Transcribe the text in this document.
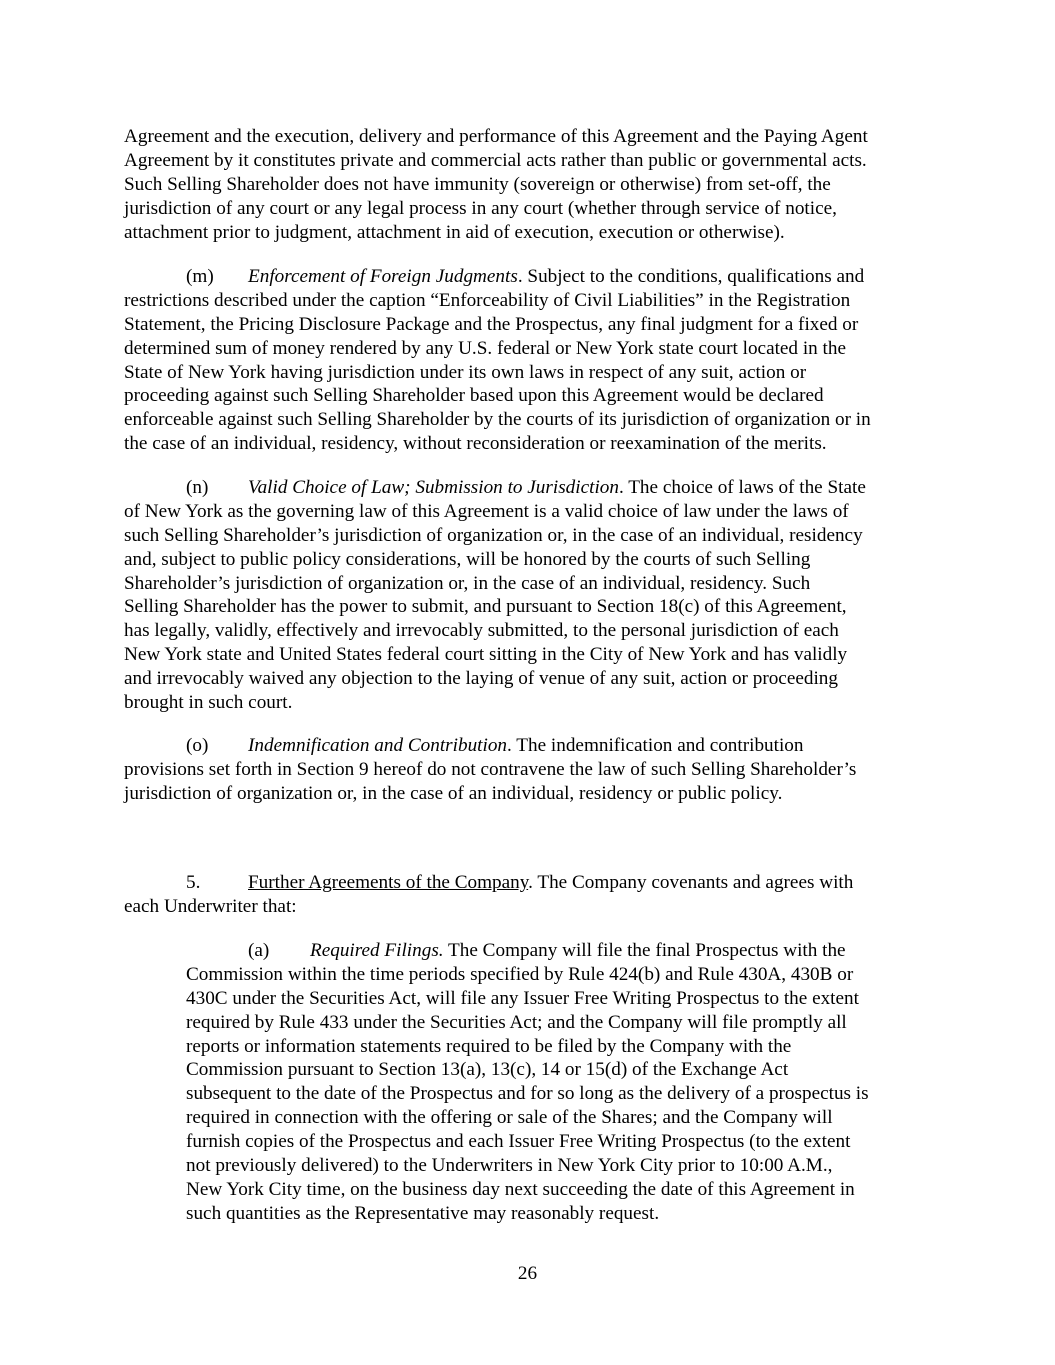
Agreement and the execution, delivery and performance of this Agreement and the Paying Agent
Agreement by it constitutes private and commercial acts rather than public or governmental acts.
Such Selling Shareholder does not have immunity (sovereign or otherwise) from set-off, the
jurisdiction of any court or any legal process in any court (whether through service of notice,
attachment prior to judgment, attachment in aid of execution, execution or otherwise).
(m) Enforcement of Foreign Judgments. Subject to the conditions, qualifications and
restrictions described under the caption “Enforceability of Civil Liabilities” in the Registration
Statement, the Pricing Disclosure Package and the Prospectus, any final judgment for a fixed or
determined sum of money rendered by any U.S. federal or New York state court located in the
State of New York having jurisdiction under its own laws in respect of any suit, action or
proceeding against such Selling Shareholder based upon this Agreement would be declared
enforceable against such Selling Shareholder by the courts of its jurisdiction of organization or in
the case of an individual, residency, without reconsideration or reexamination of the merits.
(n) Valid Choice of Law; Submission to Jurisdiction. The choice of laws of the State
of New York as the governing law of this Agreement is a valid choice of law under the laws of
such Selling Shareholder’s jurisdiction of organization or, in the case of an individual, residency
and, subject to public policy considerations, will be honored by the courts of such Selling
Shareholder’s jurisdiction of organization or, in the case of an individual, residency. Such
Selling Shareholder has the power to submit, and pursuant to Section 18(c) of this Agreement,
has legally, validly, effectively and irrevocably submitted, to the personal jurisdiction of each
New York state and United States federal court sitting in the City of New York and has validly
and irrevocably waived any objection to the laying of venue of any suit, action or proceeding
brought in such court.
(o) Indemnification and Contribution. The indemnification and contribution
provisions set forth in Section 9 hereof do not contravene the law of such Selling Shareholder’s
jurisdiction of organization or, in the case of an individual, residency or public policy.
5. Further Agreements of the Company. The Company covenants and agrees with
each Underwriter that:
(a) Required Filings. The Company will file the final Prospectus with the
Commission within the time periods specified by Rule 424(b) and Rule 430A, 430B or
430C under the Securities Act, will file any Issuer Free Writing Prospectus to the extent
required by Rule 433 under the Securities Act; and the Company will file promptly all
reports or information statements required to be filed by the Company with the
Commission pursuant to Section 13(a), 13(c), 14 or 15(d) of the Exchange Act
subsequent to the date of the Prospectus and for so long as the delivery of a prospectus is
required in connection with the offering or sale of the Shares; and the Company will
furnish copies of the Prospectus and each Issuer Free Writing Prospectus (to the extent
not previously delivered) to the Underwriters in New York City prior to 10:00 A.M.,
New York City time, on the business day next succeeding the date of this Agreement in
such quantities as the Representative may reasonably request.
26
